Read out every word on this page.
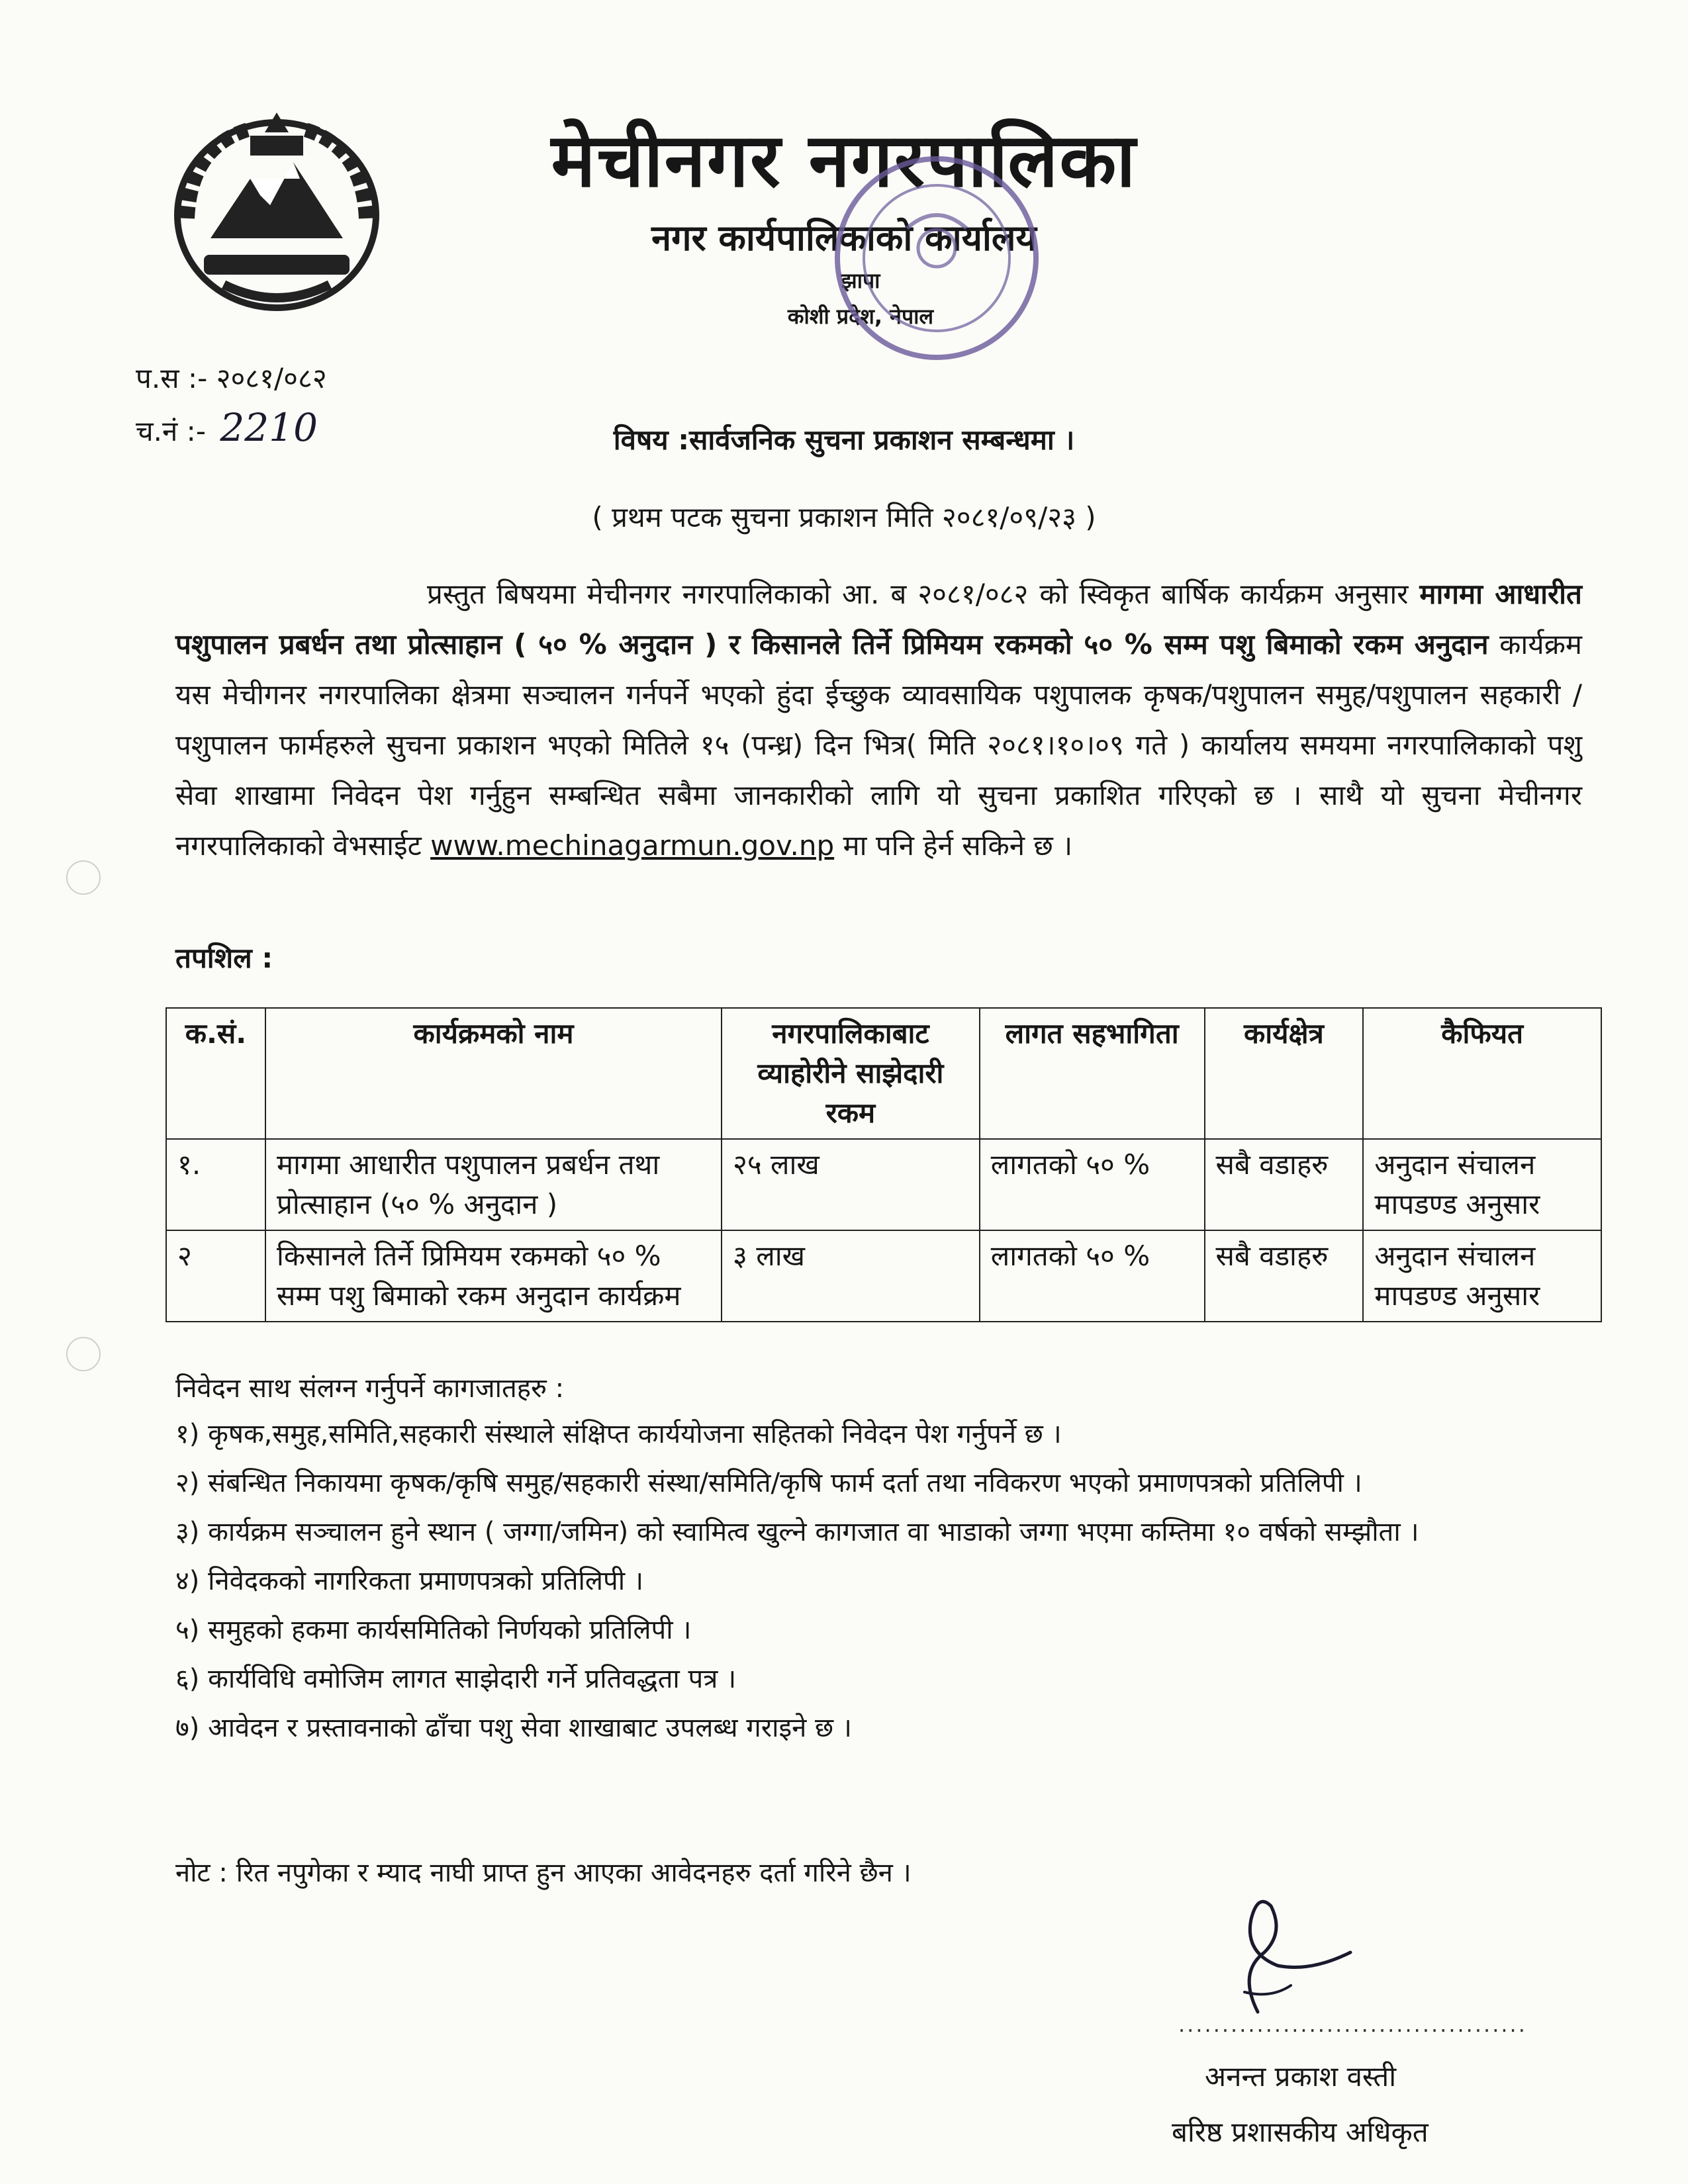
मेचीनगर नगरपालिका
नगर कार्यपालिकाको कार्यालय
झापा
कोशी प्रदेश, नेपाल
प.स :- २०८१/०८२
च.नं :- 2210	विषय :सार्वजनिक सुचना प्रकाशन सम्बन्धमा ।
( प्रथम पटक सुचना प्रकाशन मिति २०८१/०९/२३ )
प्रस्तुत बिषयमा मेचीनगर नगरपालिकाको आ. ब २०८१/०८२ को स्विकृत बार्षिक कार्यक्रम अनुसार मागमा आधारीत पशुपालन प्रबर्धन तथा प्रोत्साहान ( ५० % अनुदान ) र किसानले तिर्ने प्रिमियम रकमको ५० % सम्म पशु बिमाको रकम अनुदान कार्यक्रम यस मेचीगनर नगरपालिका क्षेत्रमा सञ्चालन गर्नपर्ने भएको हुंदा ईच्छुक व्यावसायिक पशुपालक कृषक/पशुपालन समुह/पशुपालन सहकारी /पशुपालन फार्महरुले सुचना प्रकाशन भएको मितिले १५ (पन्ध्र) दिन भित्र( मिति २०८१।१०।०९ गते ) कार्यालय समयमा नगरपालिकाको पशु सेवा शाखामा निवेदन पेश गर्नुहुन सम्बन्धित सबैमा जानकारीको लागि यो सुचना प्रकाशित गरिएको छ । साथै यो सुचना मेचीनगर नगरपालिकाको वेभसाईट www.mechinagarmun.gov.np मा पनि हेर्न सकिने छ ।
तपशिल :
क.सं.	कार्यक्रमको नाम	नगरपालिकाबाट व्याहोरीने साझेदारी रकम	लागत सहभागिता	कार्यक्षेत्र	कैफियत
१.	मागमा आधारीत पशुपालन प्रबर्धन तथा प्रोत्साहान (५० % अनुदान )	२५ लाख	लागतको ५० %	सबै वडाहरु	अनुदान संचालन मापडण्ड अनुसार
२	किसानले तिर्ने प्रिमियम रकमको ५० % सम्म पशु बिमाको रकम अनुदान कार्यक्रम	३ लाख	लागतको ५० %	सबै वडाहरु	अनुदान संचालन मापडण्ड अनुसार
निवेदन साथ संलग्न गर्नुपर्ने कागजातहरु :
१) कृषक,समुह,समिति,सहकारी संस्थाले संक्षिप्त कार्ययोजना सहितको निवेदन पेश गर्नुपर्ने छ ।
२) संबन्धित निकायमा कृषक/कृषि समुह/सहकारी संस्था/समिति/कृषि फार्म दर्ता तथा नविकरण भएको प्रमाणपत्रको प्रतिलिपी ।
३) कार्यक्रम सञ्चालन हुने स्थान ( जग्गा/जमिन) को स्वामित्व खुल्ने कागजात वा भाडाको जग्गा भएमा कम्तिमा १० वर्षको सम्झौता ।
४) निवेदकको नागरिकता प्रमाणपत्रको प्रतिलिपी ।
५) समुहको हकमा कार्यसमितिको निर्णयको प्रतिलिपी ।
६) कार्यविधि वमोजिम लागत साझेदारी गर्ने प्रतिवद्धता पत्र ।
७) आवेदन र प्रस्तावनाको ढाँचा पशु सेवा शाखाबाट उपलब्ध गराइने छ ।
नोट : रित नपुगेका र म्याद नाघी प्राप्त हुन आएका आवेदनहरु दर्ता गरिने छैन ।
........................................
अनन्त प्रकाश वस्ती
बरिष्ठ प्रशासकीय अधिकृत
